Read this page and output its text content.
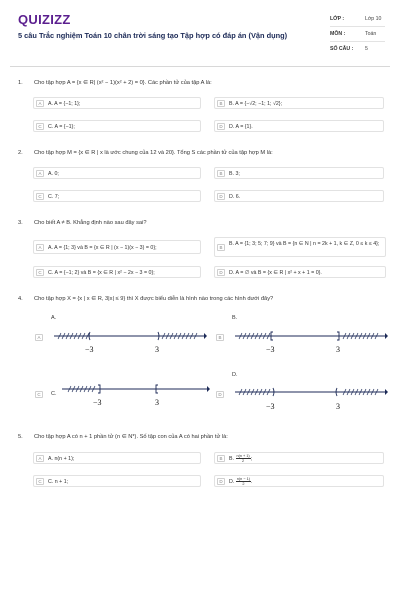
QUIZIZZ
5 câu Trắc nghiệm Toán 10 chân trời sáng tạo Tập hợp có đáp án (Vận dụng)
LỚP :	Lớp 10
MÔN :	Toán
SỐ CÂU : 5
1. Cho tập hợp A = {x ∈ R| (x² − 1)(x² + 2) = 0}. Các phần tử của tập A là:
A	A. A = {−1; 1};	B	B. A = {−√2; −1; 1; √2};
C	C. A = {−1};	D	D. A = {1}.
2. Cho tập hợp M = {x ∈ R | x là ước chung của 12 và 20}. Tổng S các phần tử của tập hợp M là:
A	A. 0;	B	B. 3;
C	C. 7;	D	D. 6.
3. Cho biết A ≠ B. Khẳng định nào sau đây sai?
A	A. A = {1; 3} và B = {x ∈ R | (x − 1)(x − 3) = 0};	B
B. A = {1; 3; 5; 7; 9} và B = {n ∈ N | n = 2k + 1, k ∈ Z, 0 ≤ k ≤ 4};
C	C. A = {−1; 2} và B = {x ∈ R | x² − 2x − 3 = 0};	D	D. A = ∅ và B = {x ∈ R | x² + x + 1 = 0}.
4. Cho tập hợp X = {x | x ∈ R, 3|x| ≤ 9} thì X được biểu diễn là hình nào trong các hình dưới đây?
A.
A
−3	3
B.
B
−3	3
C	C.
−3	3
D.
D
−3	3
5. Cho tập hợp A có n + 1 phần tử (n ∈ N*). Số tập con của A có hai phần tử là:
A	A. n(n + 1);	B	B. $\frac{n(n + 1)}{2}$ ;
C	C. n + 1;	D	D. $\frac{n(n - 1)}{2}$ .
